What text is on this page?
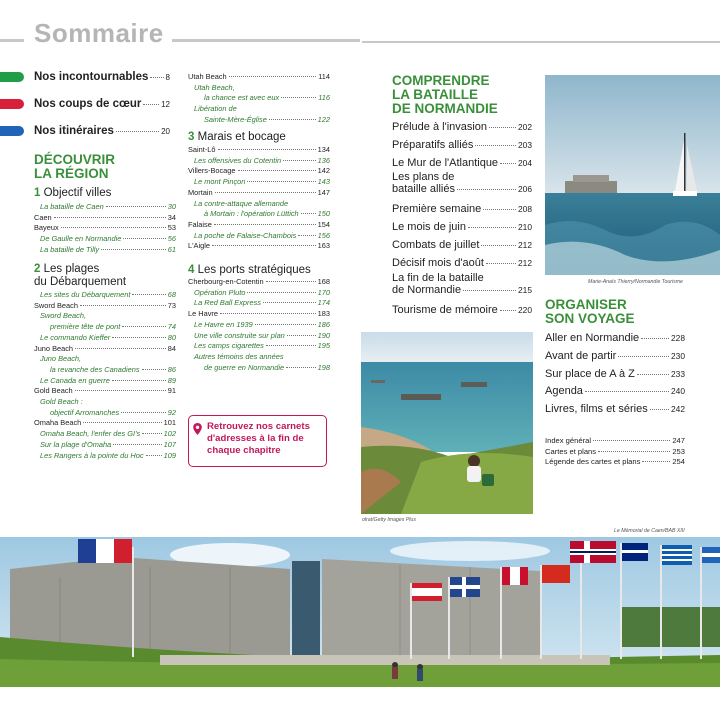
Sommaire
Nos incontournables 8
Nos coups de cœur 12
Nos itinéraires	20
DÉCOUVRIR
LA RÉGION
1 Objectif villes
La bataille de Caen	30
Caen	34
Bayeux	53
De Gaulle en Normandie	56
La bataille de Tilly	61
2 Les plages
du Débarquement
Les sites du Débarquement	68
Sword Beach	73
Sword Beach,
première tête de pont	74
Le commando Kieffer	80
Juno Beach	84
Juno Beach,
la revanche des Canadiens	86
Le Canada en guerre	89
Gold Beach	91
Gold Beach :
objectif Arromanches	92
Omaha Beach	101
Omaha Beach, l'enfer des GI's	102
Sur la plage d'Omaha	107
Les Rangers à la pointe du Hoc	109
Utah Beach	114
Utah Beach,
la chance est avec eux	116
Libération de
Sainte-Mère-Église	122
3 Marais et bocage
Saint-Lô	134
Les offensives du Cotentin	136
Villers-Bocage	142
Le mont Pinçon	143
Mortain	147
La contre-attaque allemande
à Mortain : l'opération Lüttich	150
Falaise	154
La poche de Falaise-Chambois	156
L'Aigle	163
4 Les ports stratégiques
Cherbourg-en-Cotentin	168
Opération Pluto	170
La Red Ball Express	174
Le Havre	183
Le Havre en 1939	186
Une ville construite sur plan	190
Les camps cigarettes	195
Autres témoins des années
de guerre en Normandie	198
Retrouvez nos carnets d'adresses à la fin de chaque chapitre
olrat/Getty Images Plus
COMPRENDRE
LA BATAILLE
DE NORMANDIE
Prélude à l'invasion	202
Préparatifs alliés	203
Le Mur de l'Atlantique 204
Les plans de
bataille alliés	206
Première semaine	208
Le mois de juin	210
Combats de juillet	212
Décisif mois d'août	212
La fin de la bataille
de Normandie	215
Tourisme de mémoire 220
Marie-Anaïs Thierry/Normandie Tourisme
ORGANISER
SON VOYAGE
Aller en Normandie	228
Avant de partir	230
Sur place de A à Z	233
Agenda	240
Livres, films et séries	242
Index général	247
Cartes et plans	253
Légende des cartes et plans	254
Le Mémorial de Caen/BAB XIII
